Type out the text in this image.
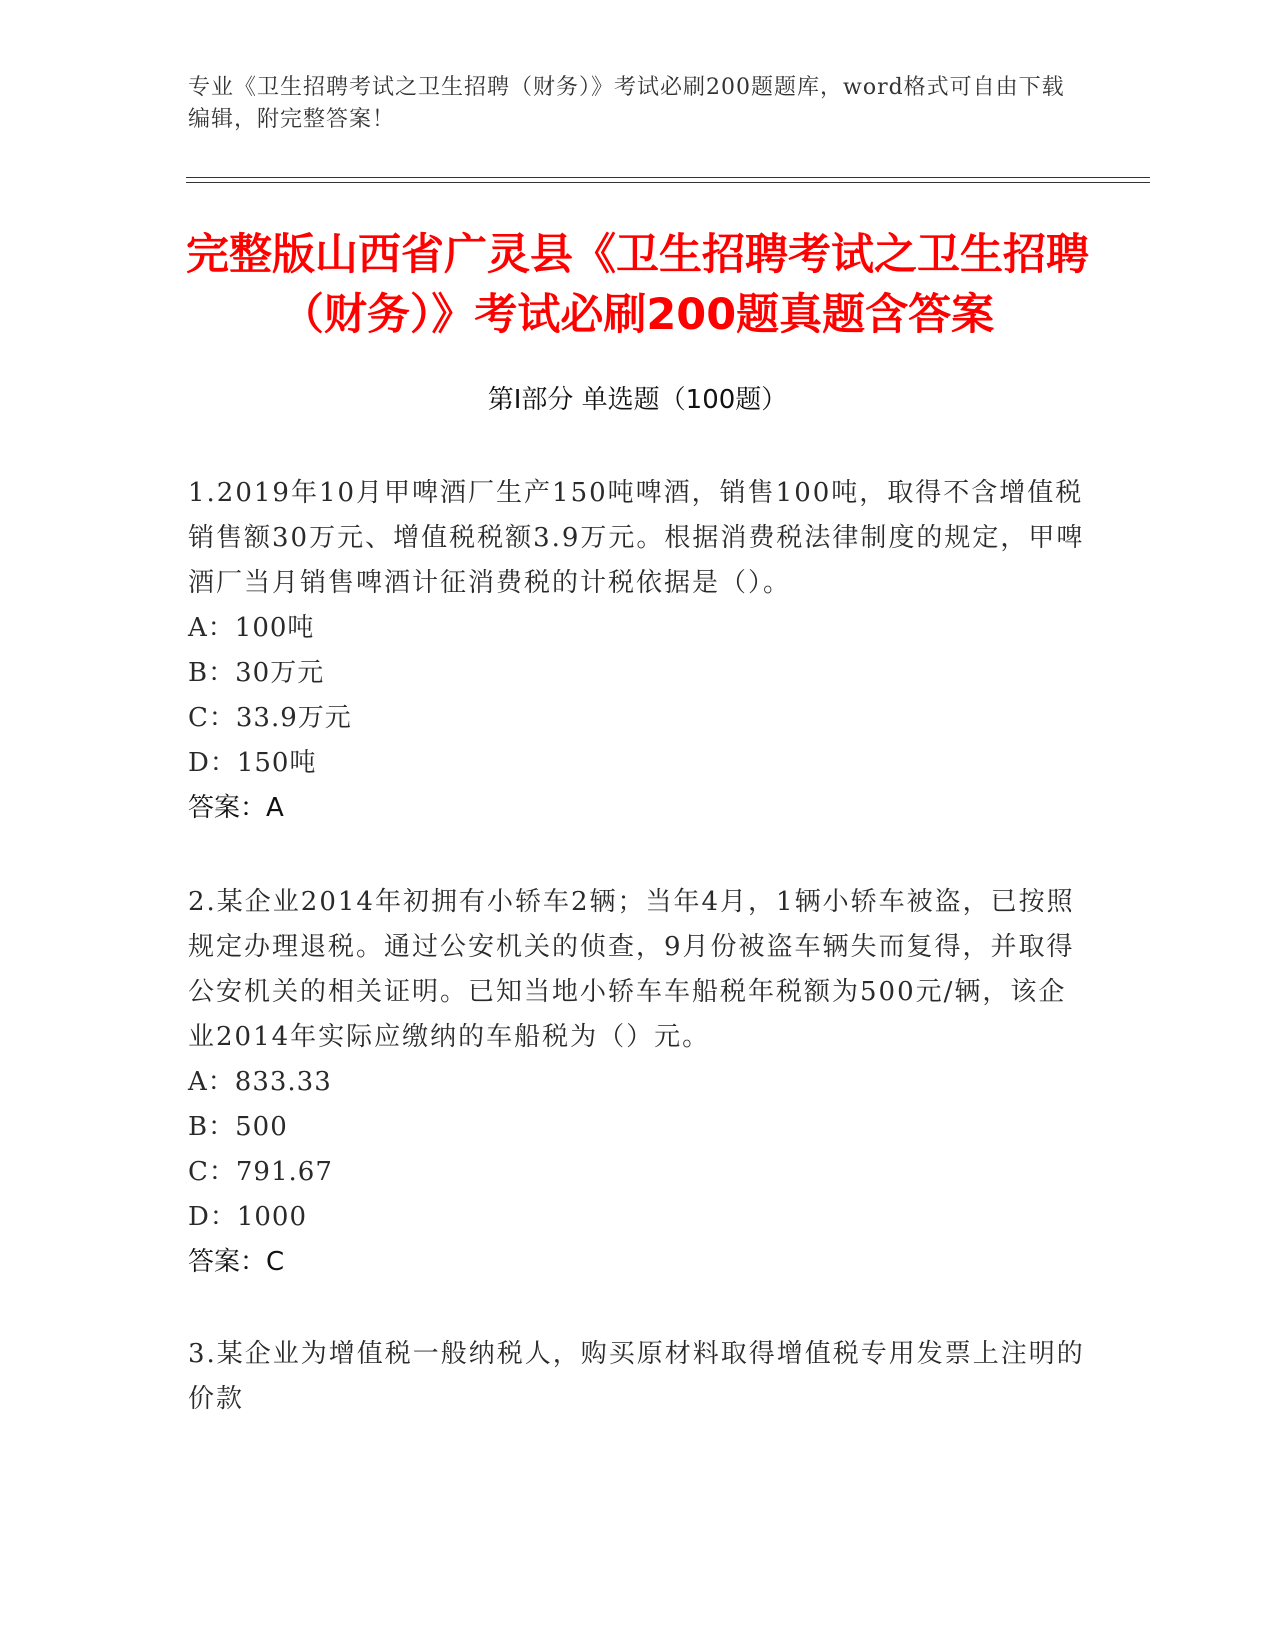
专业《卫生招聘考试之卫生招聘（财务）》考试必刷200题题库，word格式可自由下载编辑，附完整答案！
完整版山西省广灵县《卫生招聘考试之卫生招聘（财务）》考试必刷200题真题含答案
第I部分 单选题（100题）
1.2019年10月甲啤酒厂生产150吨啤酒，销售100吨，取得不含增值税销售额30万元、增值税税额3.9万元。根据消费税法律制度的规定，甲啤酒厂当月销售啤酒计征消费税的计税依据是（）。
A：100吨
B：30万元
C：33.9万元
D：150吨
答案：A
2.某企业2014年初拥有小轿车2辆；当年4月，1辆小轿车被盗，已按照规定办理退税。通过公安机关的侦查，9月份被盗车辆失而复得，并取得公安机关的相关证明。已知当地小轿车车船税年税额为500元/辆，该企业2014年实际应缴纳的车船税为（）元。
A：833.33
B：500
C：791.67
D：1000
答案：C
3.某企业为增值税一般纳税人，购买原材料取得增值税专用发票上注明的价款
